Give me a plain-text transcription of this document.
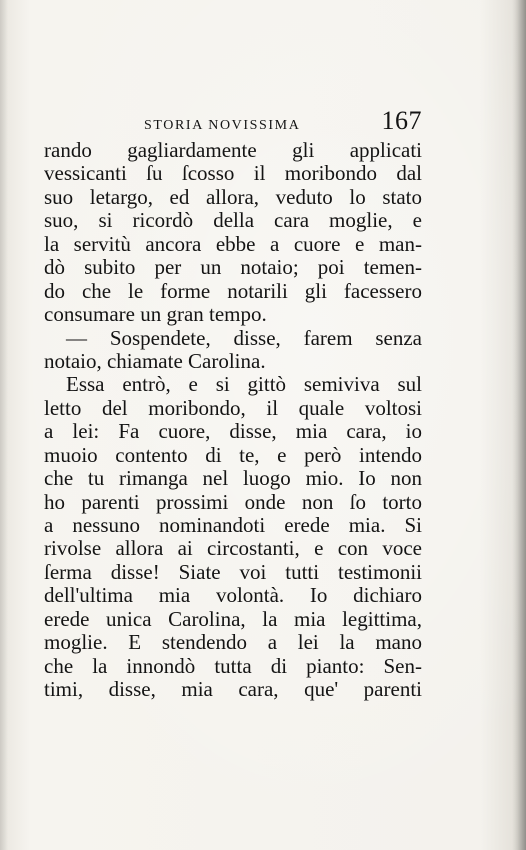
STORIA NOVISSIMA	167
rando gagliardamente gli applicati
vessicanti ſu ſcosso il moribondo dal
suo letargo, ed allora, veduto lo stato
suo, si ricordò della cara moglie, e
la servitù ancora ebbe a cuore e man-
dò subito per un notaio; poi temen-
do che le forme notarili gli facessero
consumare un gran tempo.
— Sospendete, disse, farem senza
notaio, chiamate Carolina.
Essa entrò, e si gittò semiviva sul
letto del moribondo, il quale voltosi
a lei: Fa cuore, disse, mia cara, io
muoio contento di te, e però intendo
che tu rimanga nel luogo mio. Io non
ho parenti prossimi onde non ſo torto
a nessuno nominandoti erede mia. Si
rivolse allora ai circostanti, e con voce
ſerma disse! Siate voi tutti testimonii
dell'ultima mia volontà. Io dichiaro
erede unica Carolina, la mia legittima,
moglie. E stendendo a lei la mano
che la innondò tutta di pianto: Sen-
timi, disse, mia cara, que' parenti
